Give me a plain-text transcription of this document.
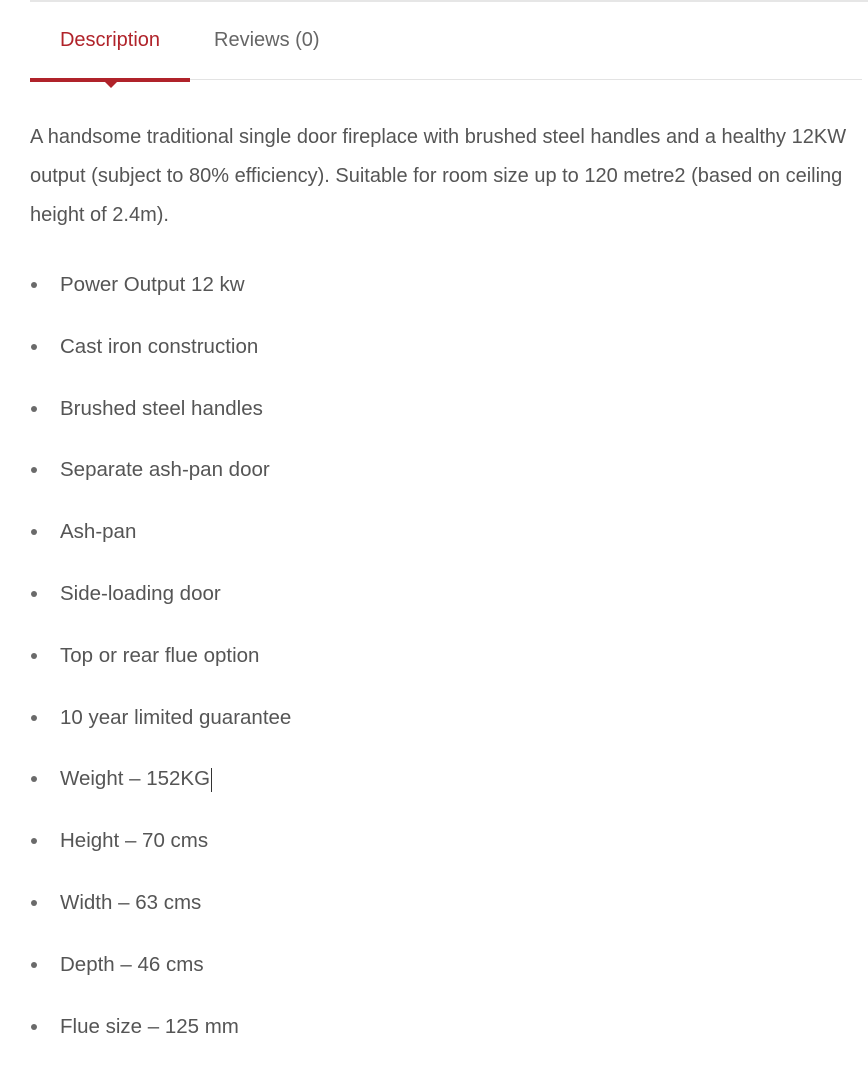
Description	Reviews (0)

A handsome traditional single door fireplace with brushed steel handles and a healthy 12KW output (subject to 80% efficiency). Suitable for room size up to 120 metre2 (based on ceiling height of 2.4m).

Power Output 12 kw
Cast iron construction
Brushed steel handles
Separate ash-pan door
Ash-pan
Side-loading door
Top or rear flue option
10 year limited guarantee
Weight – 152KG
Height – 70 cms
Width – 63 cms
Depth – 46 cms
Flue size – 125 mm
